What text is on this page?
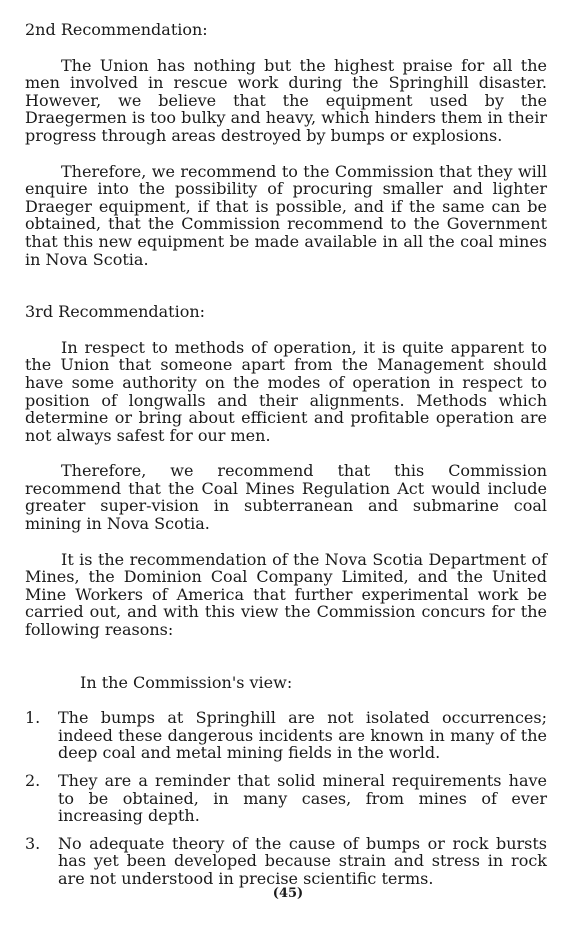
2nd Recommendation:

The Union has nothing but the highest praise for all the men involved in rescue work during the Springhill disaster. However, we believe that the equipment used by the Draegermen is too bulky and heavy, which hinders them in their progress through areas destroyed by bumps or explosions.

Therefore, we recommend to the Commission that they will enquire into the possibility of procuring smaller and lighter Draeger equipment, if that is possible, and if the same can be obtained, that the Commission recommend to the Government that this new equipment be made available in all the coal mines in Nova Scotia.

3rd Recommendation:

In respect to methods of operation, it is quite apparent to the Union that someone apart from the Management should have some authority on the modes of operation in respect to position of longwalls and their alignments. Methods which determine or bring about efficient and profitable operation are not always safest for our men.

Therefore, we recommend that this Commission recommend that the Coal Mines Regulation Act would include greater super-vision in subterranean and submarine coal mining in Nova Scotia.

It is the recommendation of the Nova Scotia Department of Mines, the Dominion Coal Company Limited, and the United Mine Workers of America that further experimental work be carried out, and with this view the Commission concurs for the following reasons:

In the Commission's view:
1. The bumps at Springhill are not isolated occurrences; indeed these dangerous incidents are known in many of the deep coal and metal mining fields in the world.
2. They are a reminder that solid mineral requirements have to be obtained, in many cases, from mines of ever increasing depth.
3. No adequate theory of the cause of bumps or rock bursts has yet been developed because strain and stress in rock are not understood in precise scientific terms.
(45)
